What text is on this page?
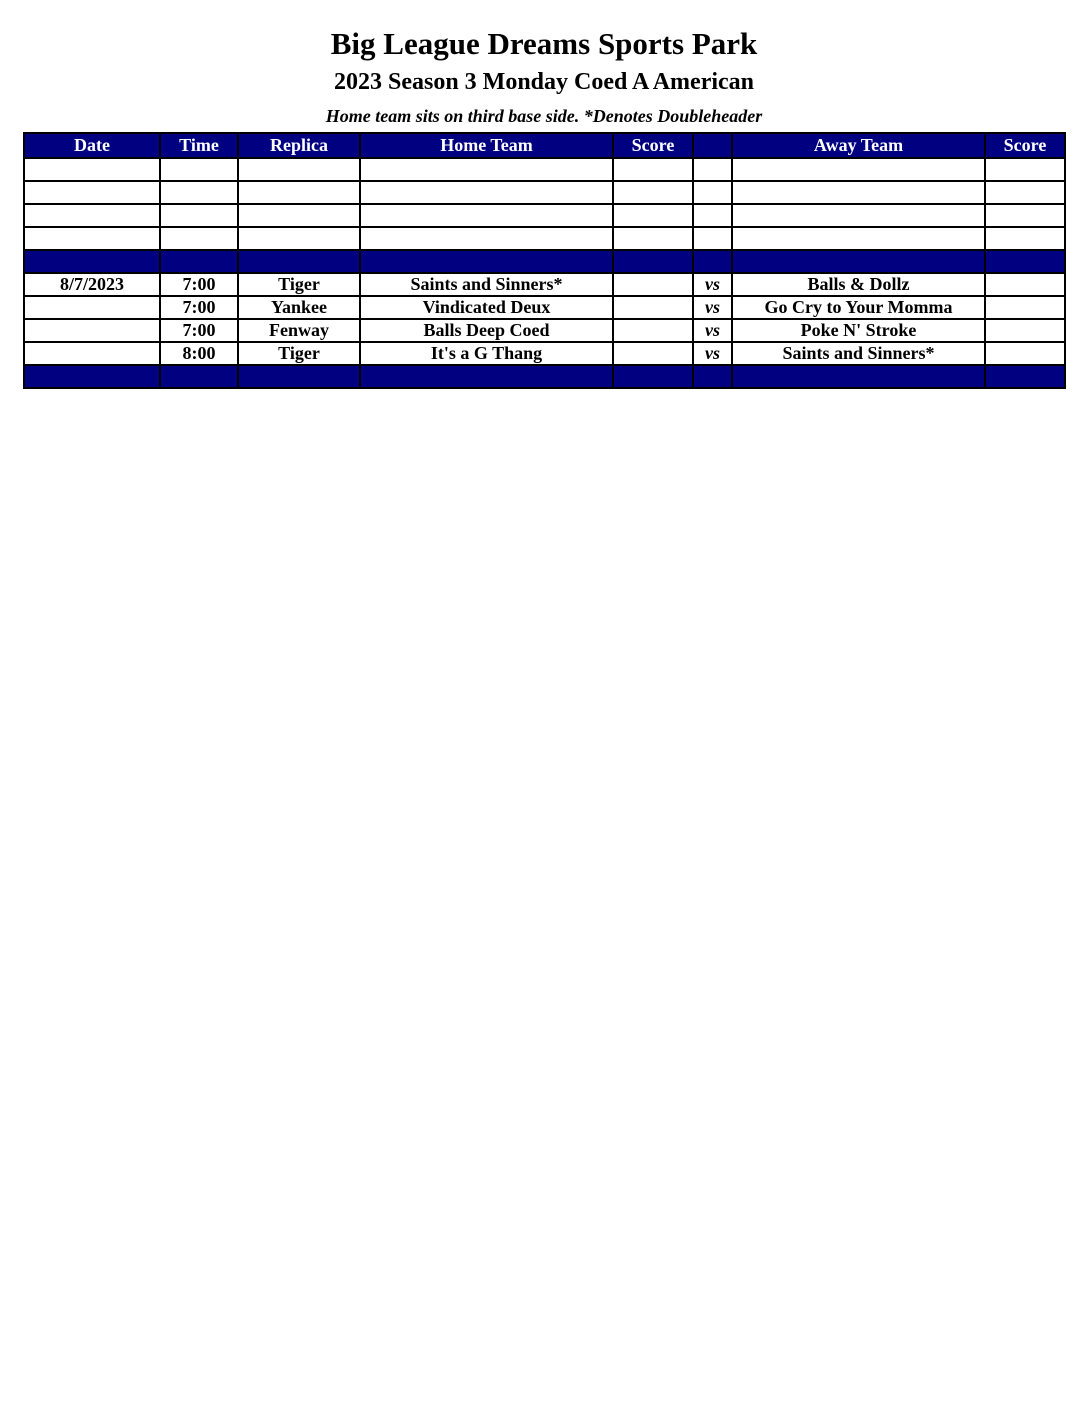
Big League Dreams Sports Park
2023 Season 3 Monday Coed A American
Home team sits on third base side. *Denotes Doubleheader
Date	Time	Replica	Home Team	Score		Away Team	Score

8/7/2023	7:00	Tiger	Saints and Sinners*		vs	Balls & Dollz	
	7:00	Yankee	Vindicated Deux		vs	Go Cry to Your Momma	
	7:00	Fenway	Balls Deep Coed		vs	Poke N' Stroke	
	8:00	Tiger	It's a G Thang		vs	Saints and Sinners*	
